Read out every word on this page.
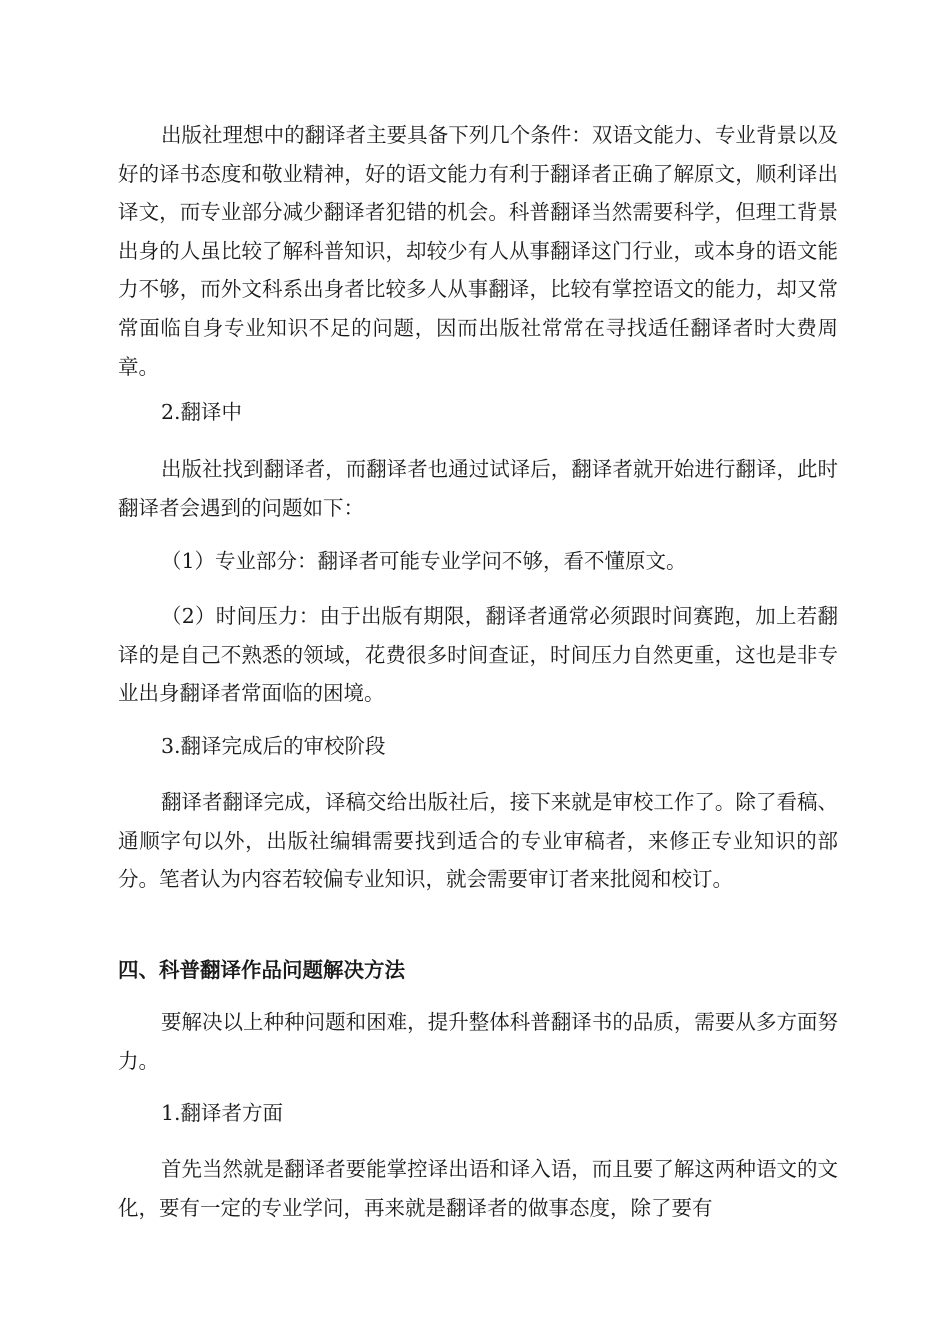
出版社理想中的翻译者主要具备下列几个条件：双语文能力、专业背景以及好的译书态度和敬业精神，好的语文能力有利于翻译者正确了解原文，顺利译出译文，而专业部分减少翻译者犯错的机会。科普翻译当然需要科学，但理工背景出身的人虽比较了解科普知识，却较少有人从事翻译这门行业，或本身的语文能力不够，而外文科系出身者比较多人从事翻译，比较有掌控语文的能力，却又常常面临自身专业知识不足的问题，因而出版社常常在寻找适任翻译者时大费周章。

2.翻译中

出版社找到翻译者，而翻译者也通过试译后，翻译者就开始进行翻译，此时翻译者会遇到的问题如下：

（1）专业部分：翻译者可能专业学问不够，看不懂原文。

（2）时间压力：由于出版有期限，翻译者通常必须跟时间赛跑，加上若翻译的是自己不熟悉的领域，花费很多时间查证，时间压力自然更重，这也是非专业出身翻译者常面临的困境。

3.翻译完成后的审校阶段

翻译者翻译完成，译稿交给出版社后，接下来就是审校工作了。除了看稿、通顺字句以外，出版社编辑需要找到适合的专业审稿者，来修正专业知识的部分。笔者认为内容若较偏专业知识，就会需要审订者来批阅和校订。

四、科普翻译作品问题解决方法

要解决以上种种问题和困难，提升整体科普翻译书的品质，需要从多方面努力。

1.翻译者方面

首先当然就是翻译者要能掌控译出语和译入语，而且要了解这两种语文的文化，要有一定的专业学问，再来就是翻译者的做事态度，除了要有
